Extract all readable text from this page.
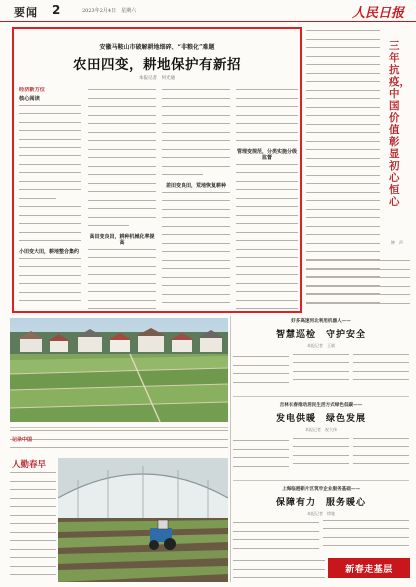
要闻 2	2023年2月4日　星期六	人民日报
安徽马鞍山市破解耕地细碎、“非粮化”难题
农田四变，耕地保护有新招
本报记者　何光通
经济新方位
核心阅读
小田变大田，耕地整合集约
高田变良田，耕种机械化率提高
差田变良田，荒地恢复耕种
管理变规范，分类实施分级监督
三年抗疫，中国价值彰显初心恒心
钟　声
记录中国
人勤春早
好多高速河北利用机器人——
智慧巡检　守护安全
本报记者　王斌
吉林长春推动居民生活方式绿色低碳——
发电供暖　绿色发展
本报记者　祝大伟
上海临港新片区筑牢企业服务基础——
保障有力　服务暖心
本报记者　徐驰
新春走基层
